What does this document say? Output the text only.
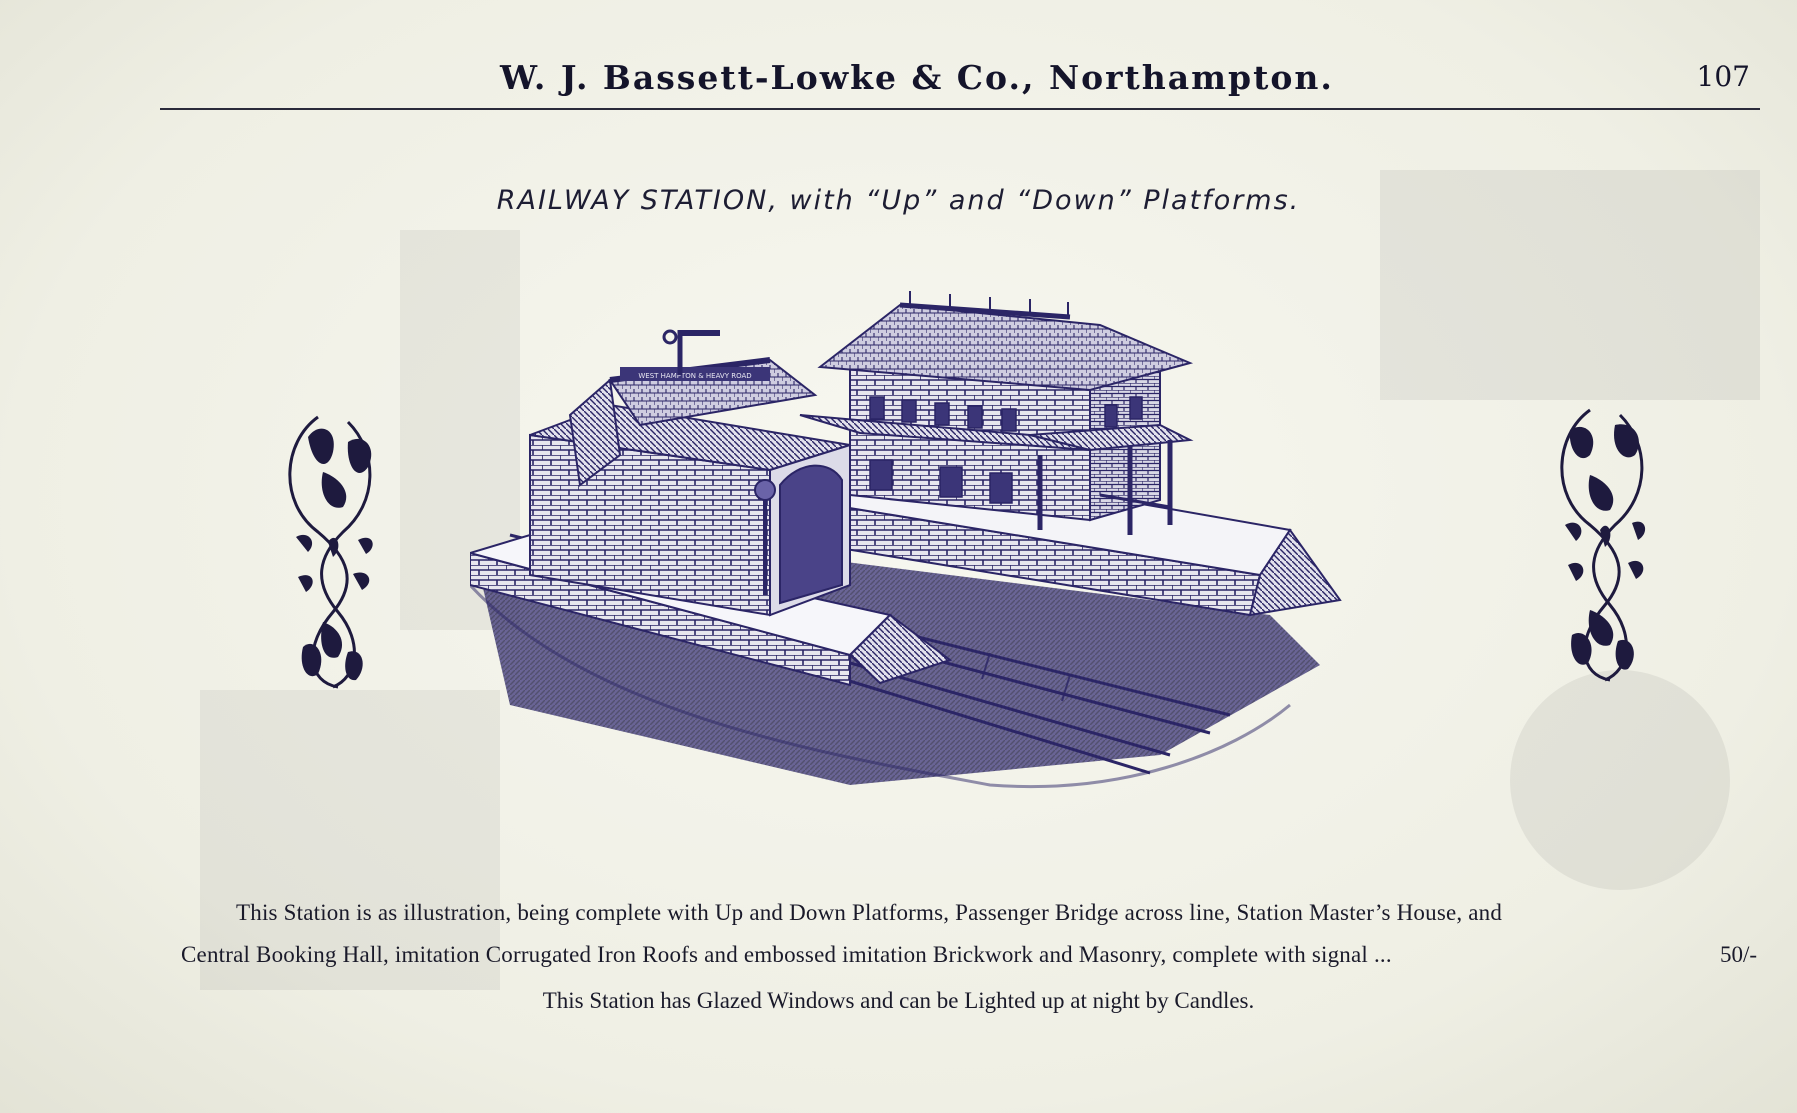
W. J. Bassett-Lowke & Co., Northampton.	107
RAILWAY STATION, with “Up” and “Down” Platforms.
WEST HAMPTON & HEAVY ROAD
This Station is as illustration, being complete with Up and Down Platforms, Passenger Bridge across line, Station Master’s House, and
Central Booking Hall, imitation Corrugated Iron Roofs and embossed imitation Brickwork and Masonry, complete with signal ...	50/-
This Station has Glazed Windows and can be Lighted up at night by Candles.
